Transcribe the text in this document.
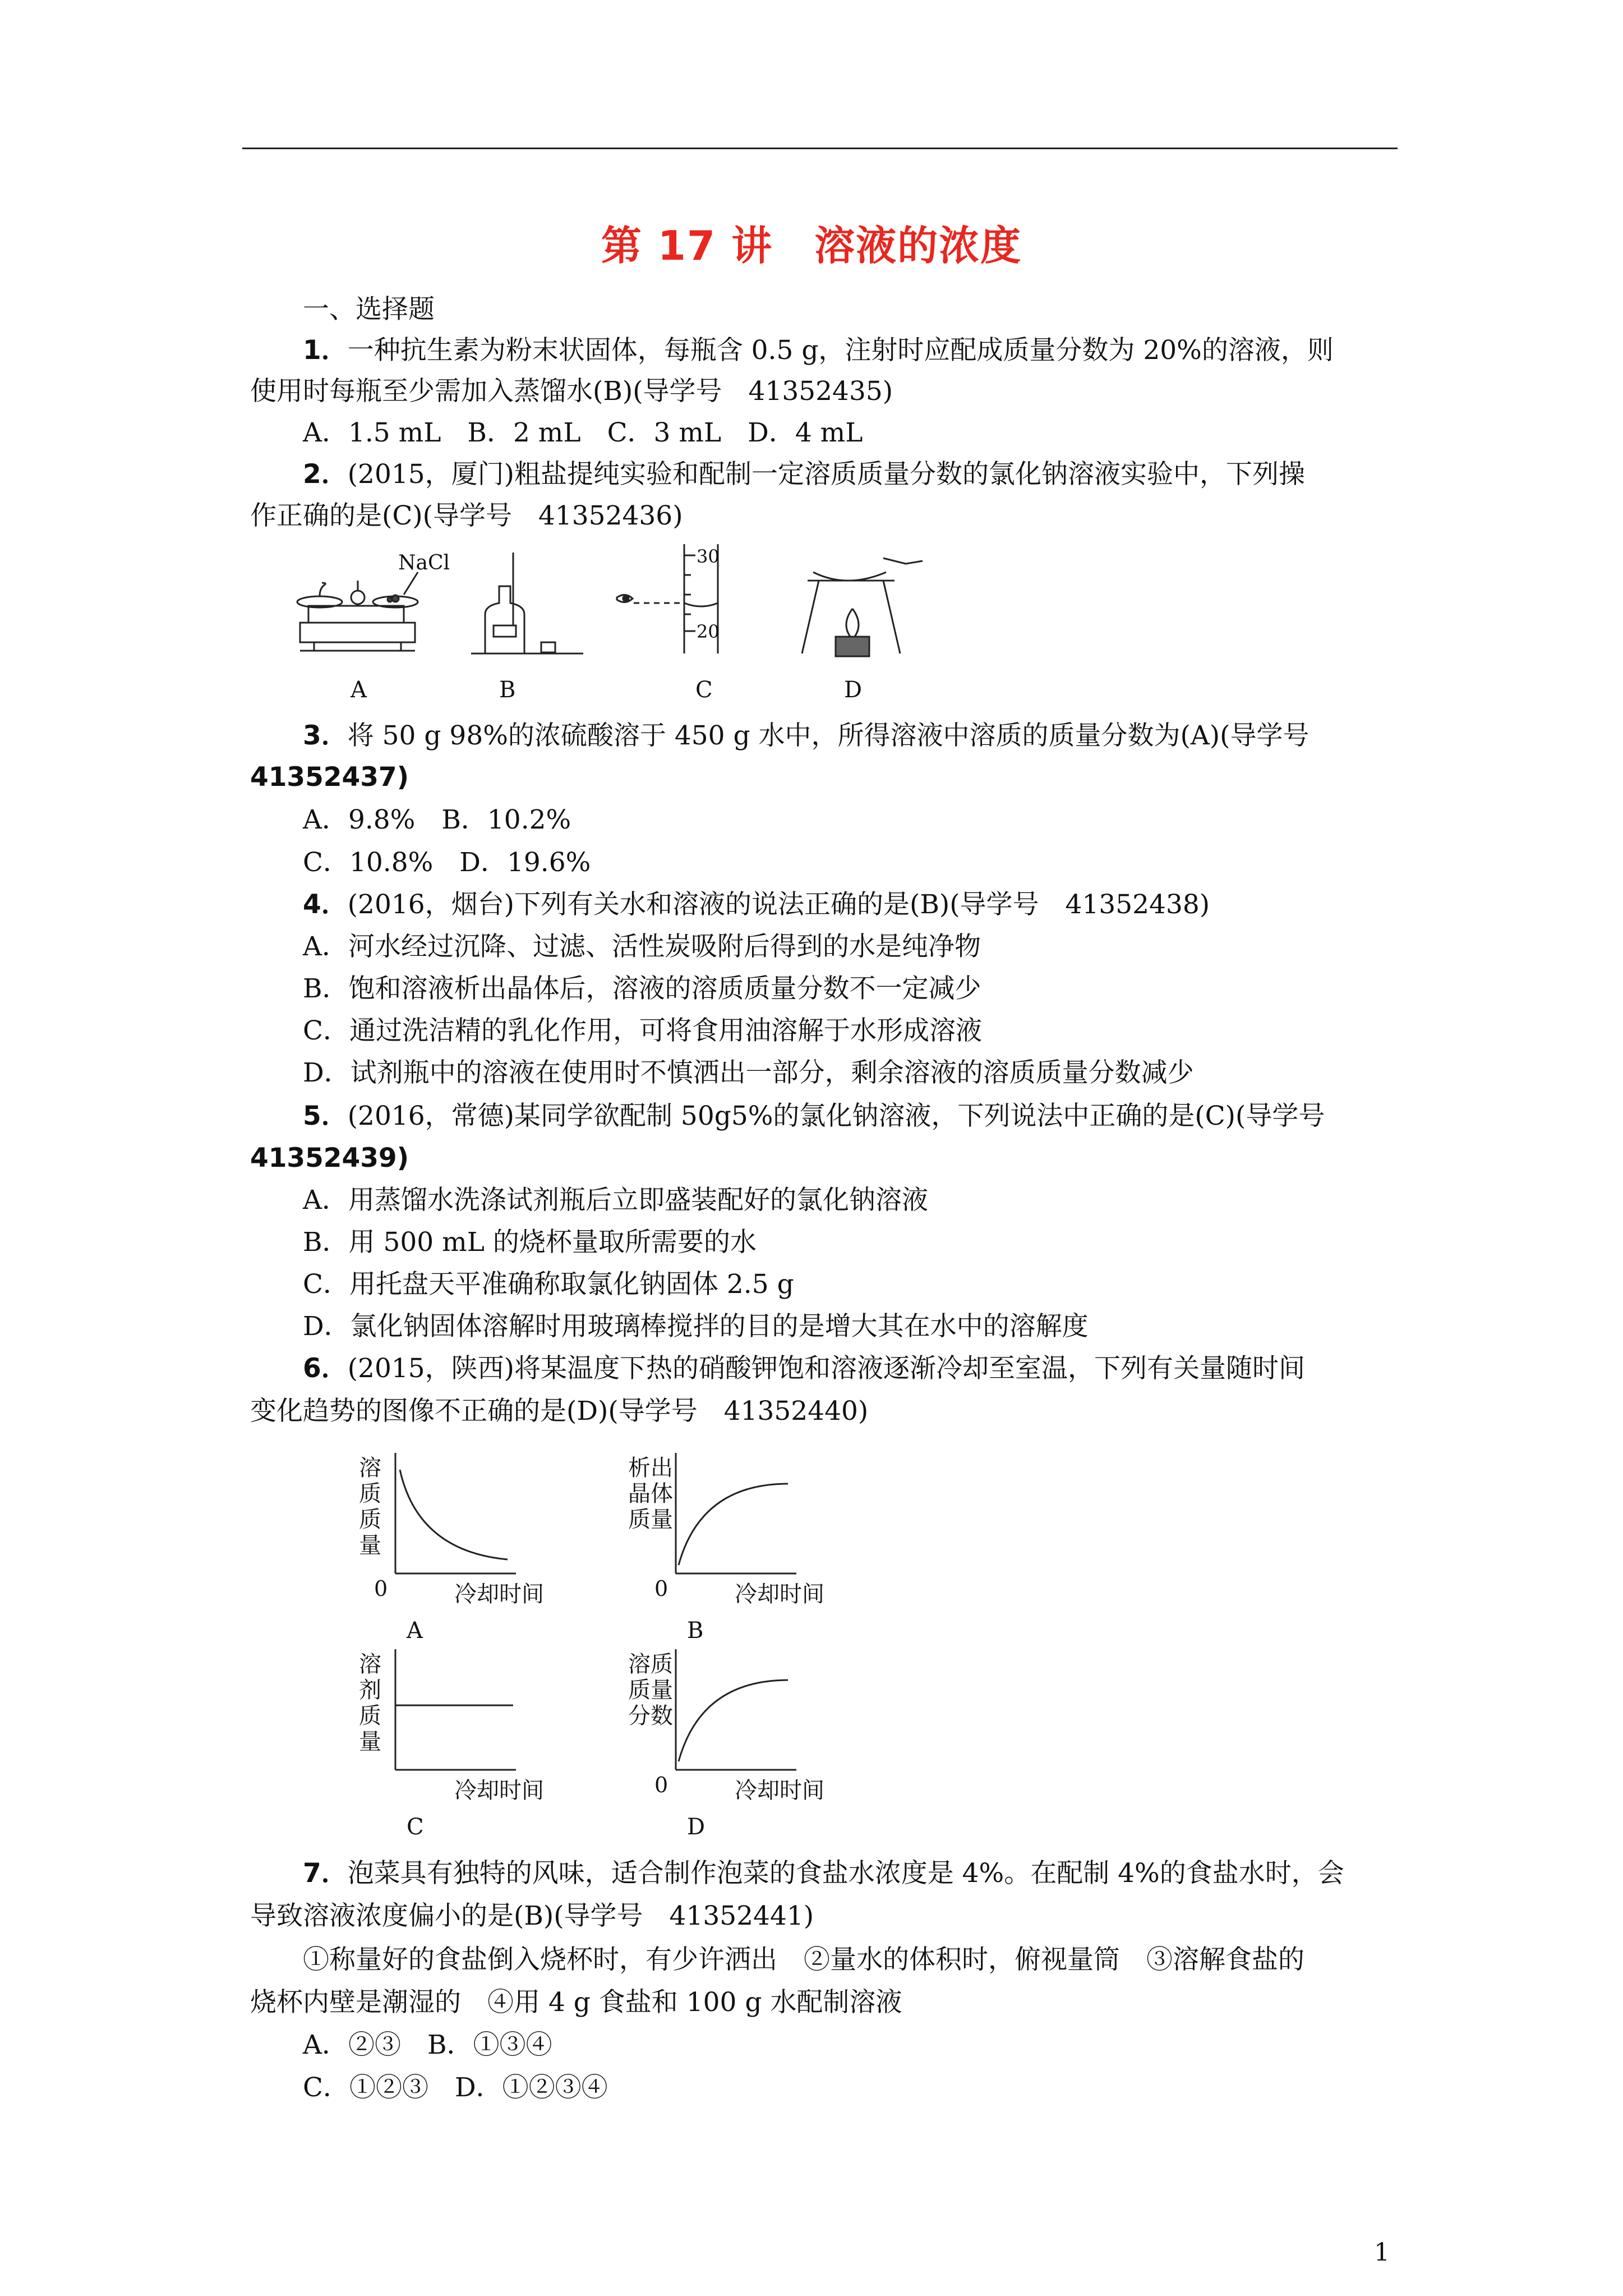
第 17 讲　溶液的浓度
一、选择题
1．一种抗生素为粉末状固体，每瓶含 0.5 g，注射时应配成质量分数为 20%的溶液，则
使用时每瓶至少需加入蒸馏水(B)(导学号　41352435)
A．1.5 mL　B．2 mL　C．3 mL　D．4 mL
2．(2015，厦门)粗盐提纯实验和配制一定溶质质量分数的氯化钠溶液实验中，下列操
作正确的是(C)(导学号　41352436)
NaCl
A	B
30
20
C	D
3．将 50 g 98%的浓硫酸溶于 450 g 水中，所得溶液中溶质的质量分数为(A)(导学号
41352437)
A．9.8%　B．10.2%
C．10.8%　D．19.6%
4．(2016，烟台)下列有关水和溶液的说法正确的是(B)(导学号　41352438)
A．河水经过沉降、过滤、活性炭吸附后得到的水是纯净物
B．饱和溶液析出晶体后，溶液的溶质质量分数不一定减少
C．通过洗洁精的乳化作用，可将食用油溶解于水形成溶液
D．试剂瓶中的溶液在使用时不慎洒出一部分，剩余溶液的溶质质量分数减少
5．(2016，常德)某同学欲配制 50g5%的氯化钠溶液，下列说法中正确的是(C)(导学号
41352439)
A．用蒸馏水洗涤试剂瓶后立即盛装配好的氯化钠溶液
B．用 500 mL 的烧杯量取所需要的水
C．用托盘天平准确称取氯化钠固体 2.5 g
D．氯化钠固体溶解时用玻璃棒搅拌的目的是增大其在水中的溶解度
6．(2015，陕西)将某温度下热的硝酸钾饱和溶液逐渐冷却至室温，下列有关量随时间
变化趋势的图像不正确的是(D)(导学号　41352440)
溶
质
质
量
0	冷却时间
A
析出
晶体
质量
0	冷却时间
B
溶
剂
质
量
冷却时间
C
溶质
质量
分数
0	冷却时间
D
7．泡菜具有独特的风味，适合制作泡菜的食盐水浓度是 4%。在配制 4%的食盐水时，会
导致溶液浓度偏小的是(B)(导学号　41352441)
①称量好的食盐倒入烧杯时，有少许洒出　②量水的体积时，俯视量筒　③溶解食盐的
烧杯内壁是潮湿的　④用 4 g 食盐和 100 g 水配制溶液
A．②③　B．①③④
C．①②③　D．①②③④
1
